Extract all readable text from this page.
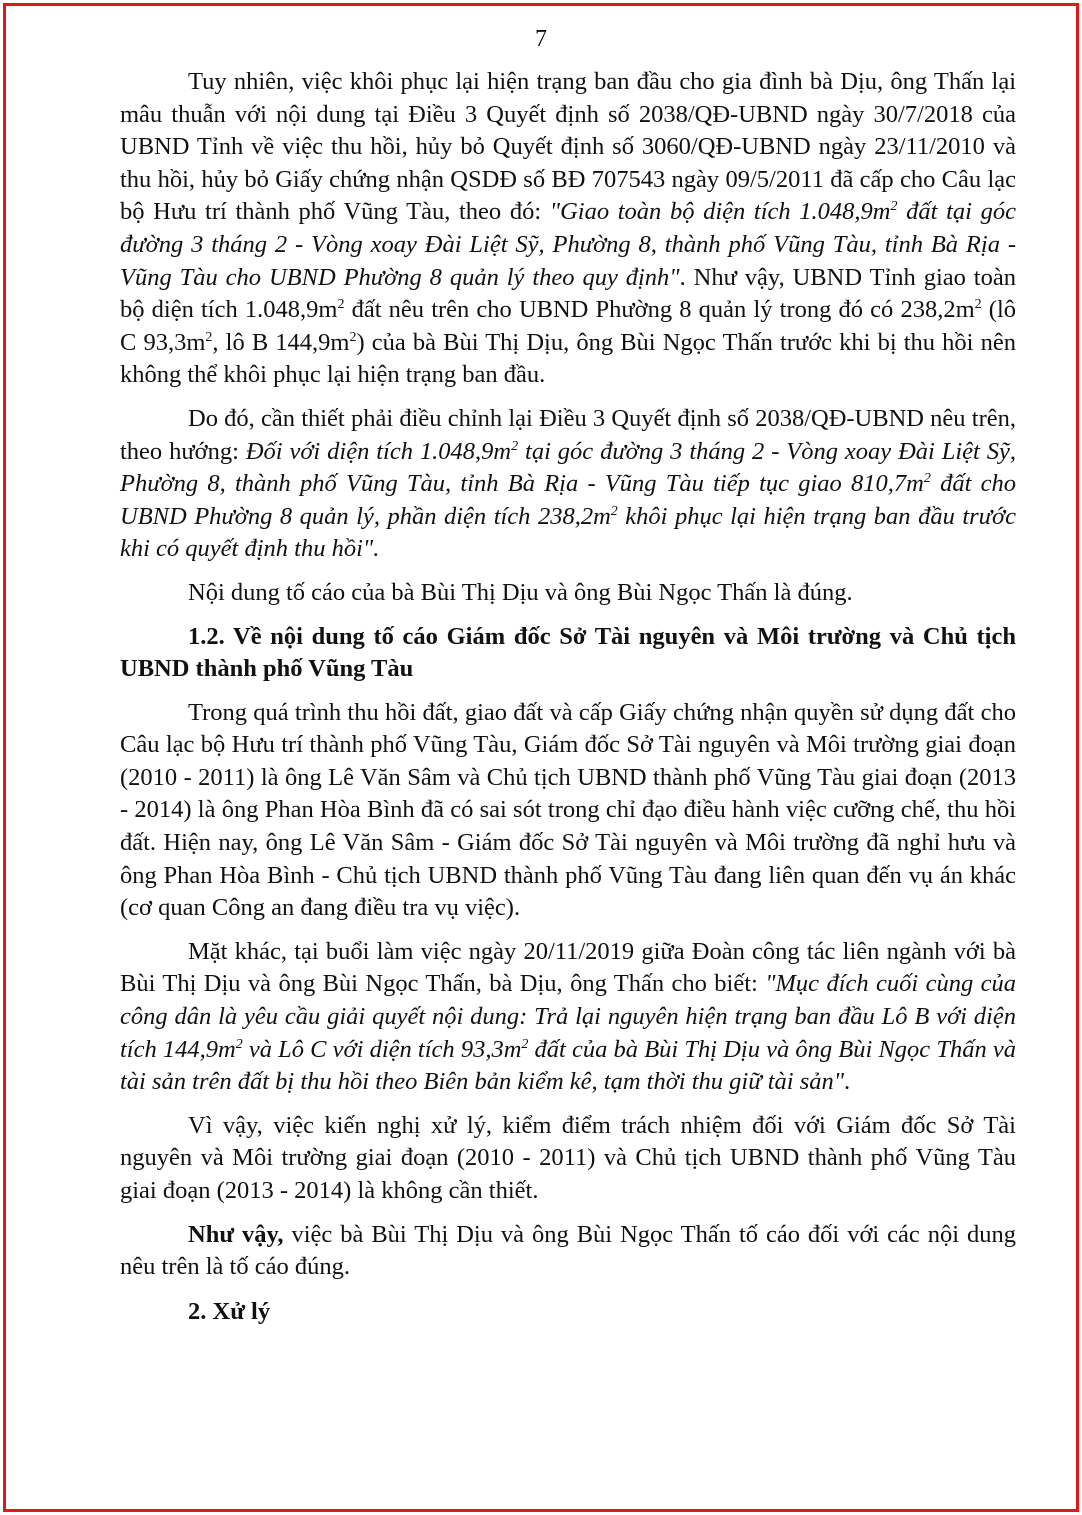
7

Tuy nhiên, việc khôi phục lại hiện trạng ban đầu cho gia đình bà Dịu, ông Thấn lại mâu thuẫn với nội dung tại Điều 3 Quyết định số 2038/QĐ-UBND ngày 30/7/2018 của UBND Tỉnh về việc thu hồi, hủy bỏ Quyết định số 3060/QĐ-UBND ngày 23/11/2010 và thu hồi, hủy bỏ Giấy chứng nhận QSDĐ số BĐ 707543 ngày 09/5/2011 đã cấp cho Câu lạc bộ Hưu trí thành phố Vũng Tàu, theo đó: "Giao toàn bộ diện tích $1.048,9m^2$ đất tại góc đường 3 tháng 2 - Vòng xoay Đài Liệt Sỹ, Phường 8, thành phố Vũng Tàu, tỉnh Bà Rịa - Vũng Tàu cho UBND Phường 8 quản lý theo quy định". Như vậy, UBND Tỉnh giao toàn bộ diện tích $1.048,9m^2$ đất nêu trên cho UBND Phường 8 quản lý trong đó có $238,2m^2$ (lô C $93,3m^2$, lô B $144,9m^2$) của bà Bùi Thị Dịu, ông Bùi Ngọc Thấn trước khi bị thu hồi nên không thể khôi phục lại hiện trạng ban đầu.

Do đó, cần thiết phải điều chỉnh lại Điều 3 Quyết định số 2038/QĐ-UBND nêu trên, theo hướng: Đối với diện tích $1.048,9m^2$ tại góc đường 3 tháng 2 - Vòng xoay Đài Liệt Sỹ, Phường 8, thành phố Vũng Tàu, tỉnh Bà Rịa - Vũng Tàu tiếp tục giao $810,7m^2$ đất cho UBND Phường 8 quản lý, phần diện tích $238,2m^2$ khôi phục lại hiện trạng ban đầu trước khi có quyết định thu hồi".

Nội dung tố cáo của bà Bùi Thị Dịu và ông Bùi Ngọc Thấn là đúng.

1.2. Về nội dung tố cáo Giám đốc Sở Tài nguyên và Môi trường và Chủ tịch UBND thành phố Vũng Tàu

Trong quá trình thu hồi đất, giao đất và cấp Giấy chứng nhận quyền sử dụng đất cho Câu lạc bộ Hưu trí thành phố Vũng Tàu, Giám đốc Sở Tài nguyên và Môi trường giai đoạn (2010 - 2011) là ông Lê Văn Sâm và Chủ tịch UBND thành phố Vũng Tàu giai đoạn (2013 - 2014) là ông Phan Hòa Bình đã có sai sót trong chỉ đạo điều hành việc cưỡng chế, thu hồi đất. Hiện nay, ông Lê Văn Sâm - Giám đốc Sở Tài nguyên và Môi trường đã nghỉ hưu và ông Phan Hòa Bình - Chủ tịch UBND thành phố Vũng Tàu đang liên quan đến vụ án khác (cơ quan Công an đang điều tra vụ việc).

Mặt khác, tại buổi làm việc ngày 20/11/2019 giữa Đoàn công tác liên ngành với bà Bùi Thị Dịu và ông Bùi Ngọc Thấn, bà Dịu, ông Thấn cho biết: "Mục đích cuối cùng của công dân là yêu cầu giải quyết nội dung: Trả lại nguyên hiện trạng ban đầu Lô B với diện tích $144,9m^2$ và Lô C với diện tích $93,3m^2$ đất của bà Bùi Thị Dịu và ông Bùi Ngọc Thấn và tài sản trên đất bị thu hồi theo Biên bản kiểm kê, tạm thời thu giữ tài sản".

Vì vậy, việc kiến nghị xử lý, kiểm điểm trách nhiệm đối với Giám đốc Sở Tài nguyên và Môi trường giai đoạn (2010 - 2011) và Chủ tịch UBND thành phố Vũng Tàu giai đoạn (2013 - 2014) là không cần thiết.

Như vậy, việc bà Bùi Thị Dịu và ông Bùi Ngọc Thấn tố cáo đối với các nội dung nêu trên là tố cáo đúng.

2. Xử lý
